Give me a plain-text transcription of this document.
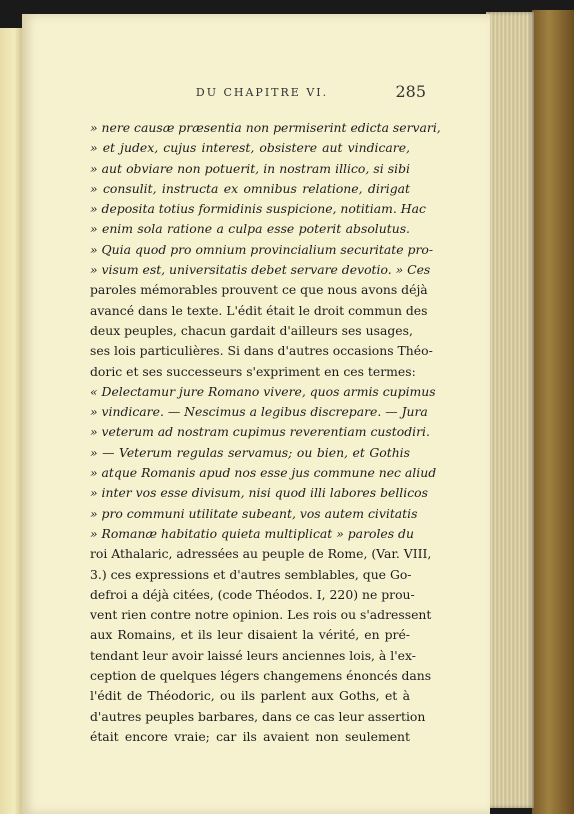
DU CHAPITRE VI.	285
» nere causæ præsentia non permiserint edicta servari,
» et judex, cujus interest, obsistere aut vindicare,
» aut obviare non potuerit, in nostram illico, si sibi
» consulit, instructa ex omnibus relatione, dirigat
» deposita totius formidinis suspicione, notitiam. Hac
» enim sola ratione a culpa esse poterit absolutus.
» Quia quod pro omnium provincialium securitate pro-
» visum est, universitatis debet servare devotio. » Ces
paroles mémorables prouvent ce que nous avons déjà
avancé dans le texte. L'édit était le droit commun des
deux peuples, chacun gardait d'ailleurs ses usages,
ses lois particulières. Si dans d'autres occasions Théo-
doric et ses successeurs s'expriment en ces termes:
« Delectamur jure Romano vivere, quos armis cupimus
» vindicare. — Nescimus a legibus discrepare. — Jura
» veterum ad nostram cupimus reverentiam custodiri.
» — Veterum regulas servamus; ou bien, et Gothis
» atque Romanis apud nos esse jus commune nec aliud
» inter vos esse divisum, nisi quod illi labores bellicos
» pro communi utilitate subeant, vos autem civitatis
» Romanæ habitatio quieta multiplicat » paroles du
roi Athalaric, adressées au peuple de Rome, (Var. VIII,
3.) ces expressions et d'autres semblables, que Go-
defroi a déjà citées, (code Théodos. I, 220) ne prou-
vent rien contre notre opinion. Les rois ou s'adressent
aux Romains, et ils leur disaient la vérité, en pré-
tendant leur avoir laissé leurs anciennes lois, à l'ex-
ception de quelques légers changemens énoncés dans
l'édit de Théodoric, ou ils parlent aux Goths, et à
d'autres peuples barbares, dans ce cas leur assertion
était encore vraie; car ils avaient non seulement
